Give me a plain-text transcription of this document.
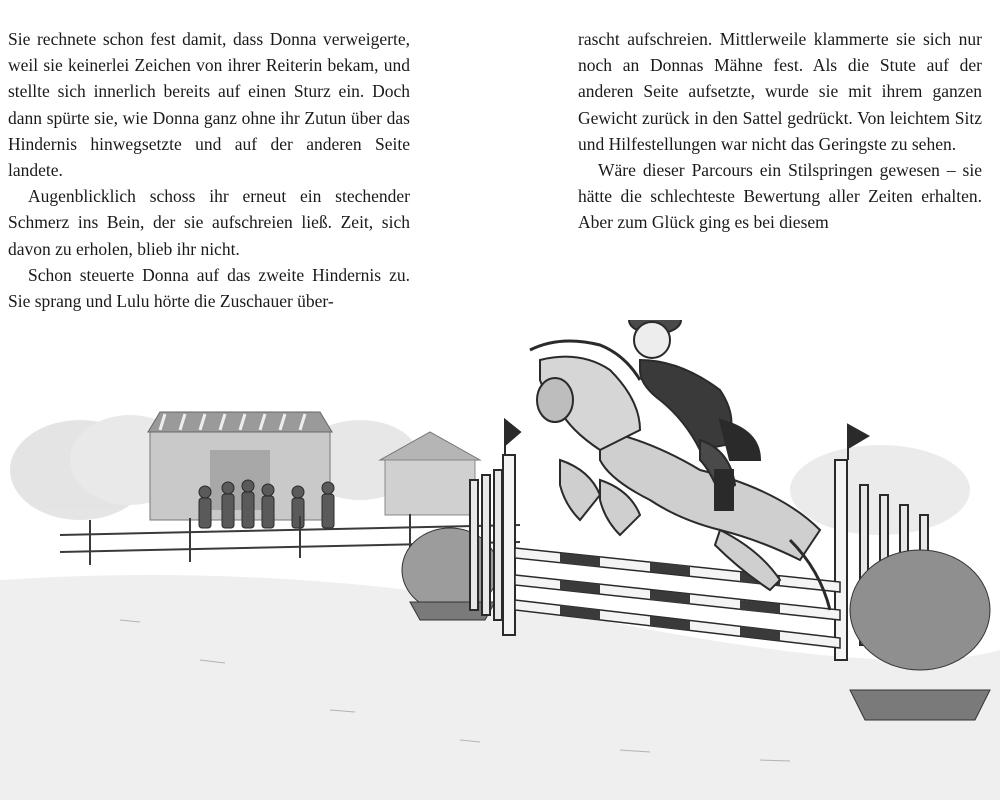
Sie rechnete schon fest damit, dass Donna verweigerte, weil sie keinerlei Zeichen von ihrer Reiterin bekam, und stellte sich innerlich bereits auf einen Sturz ein. Doch dann spürte sie, wie Donna ganz ohne ihr Zutun über das Hindernis hinwegsetzte und auf der anderen Seite landete.

Augenblicklich schoss ihr erneut ein stechender Schmerz ins Bein, der sie aufschreien ließ. Zeit, sich davon zu erholen, blieb ihr nicht.

Schon steuerte Donna auf das zweite Hindernis zu. Sie sprang und Lulu hörte die Zuschauer über-

rascht aufschreien. Mittlerweile klammerte sie sich nur noch an Donnas Mähne fest. Als die Stute auf der anderen Seite aufsetzte, wurde sie mit ihrem ganzen Gewicht zurück in den Sattel gedrückt. Von leichtem Sitz und Hilfestellungen war nicht das Geringste zu sehen.

Wäre dieser Parcours ein Stilspringen gewesen – sie hätte die schlechteste Bewertung aller Zeiten erhalten. Aber zum Glück ging es bei diesem
